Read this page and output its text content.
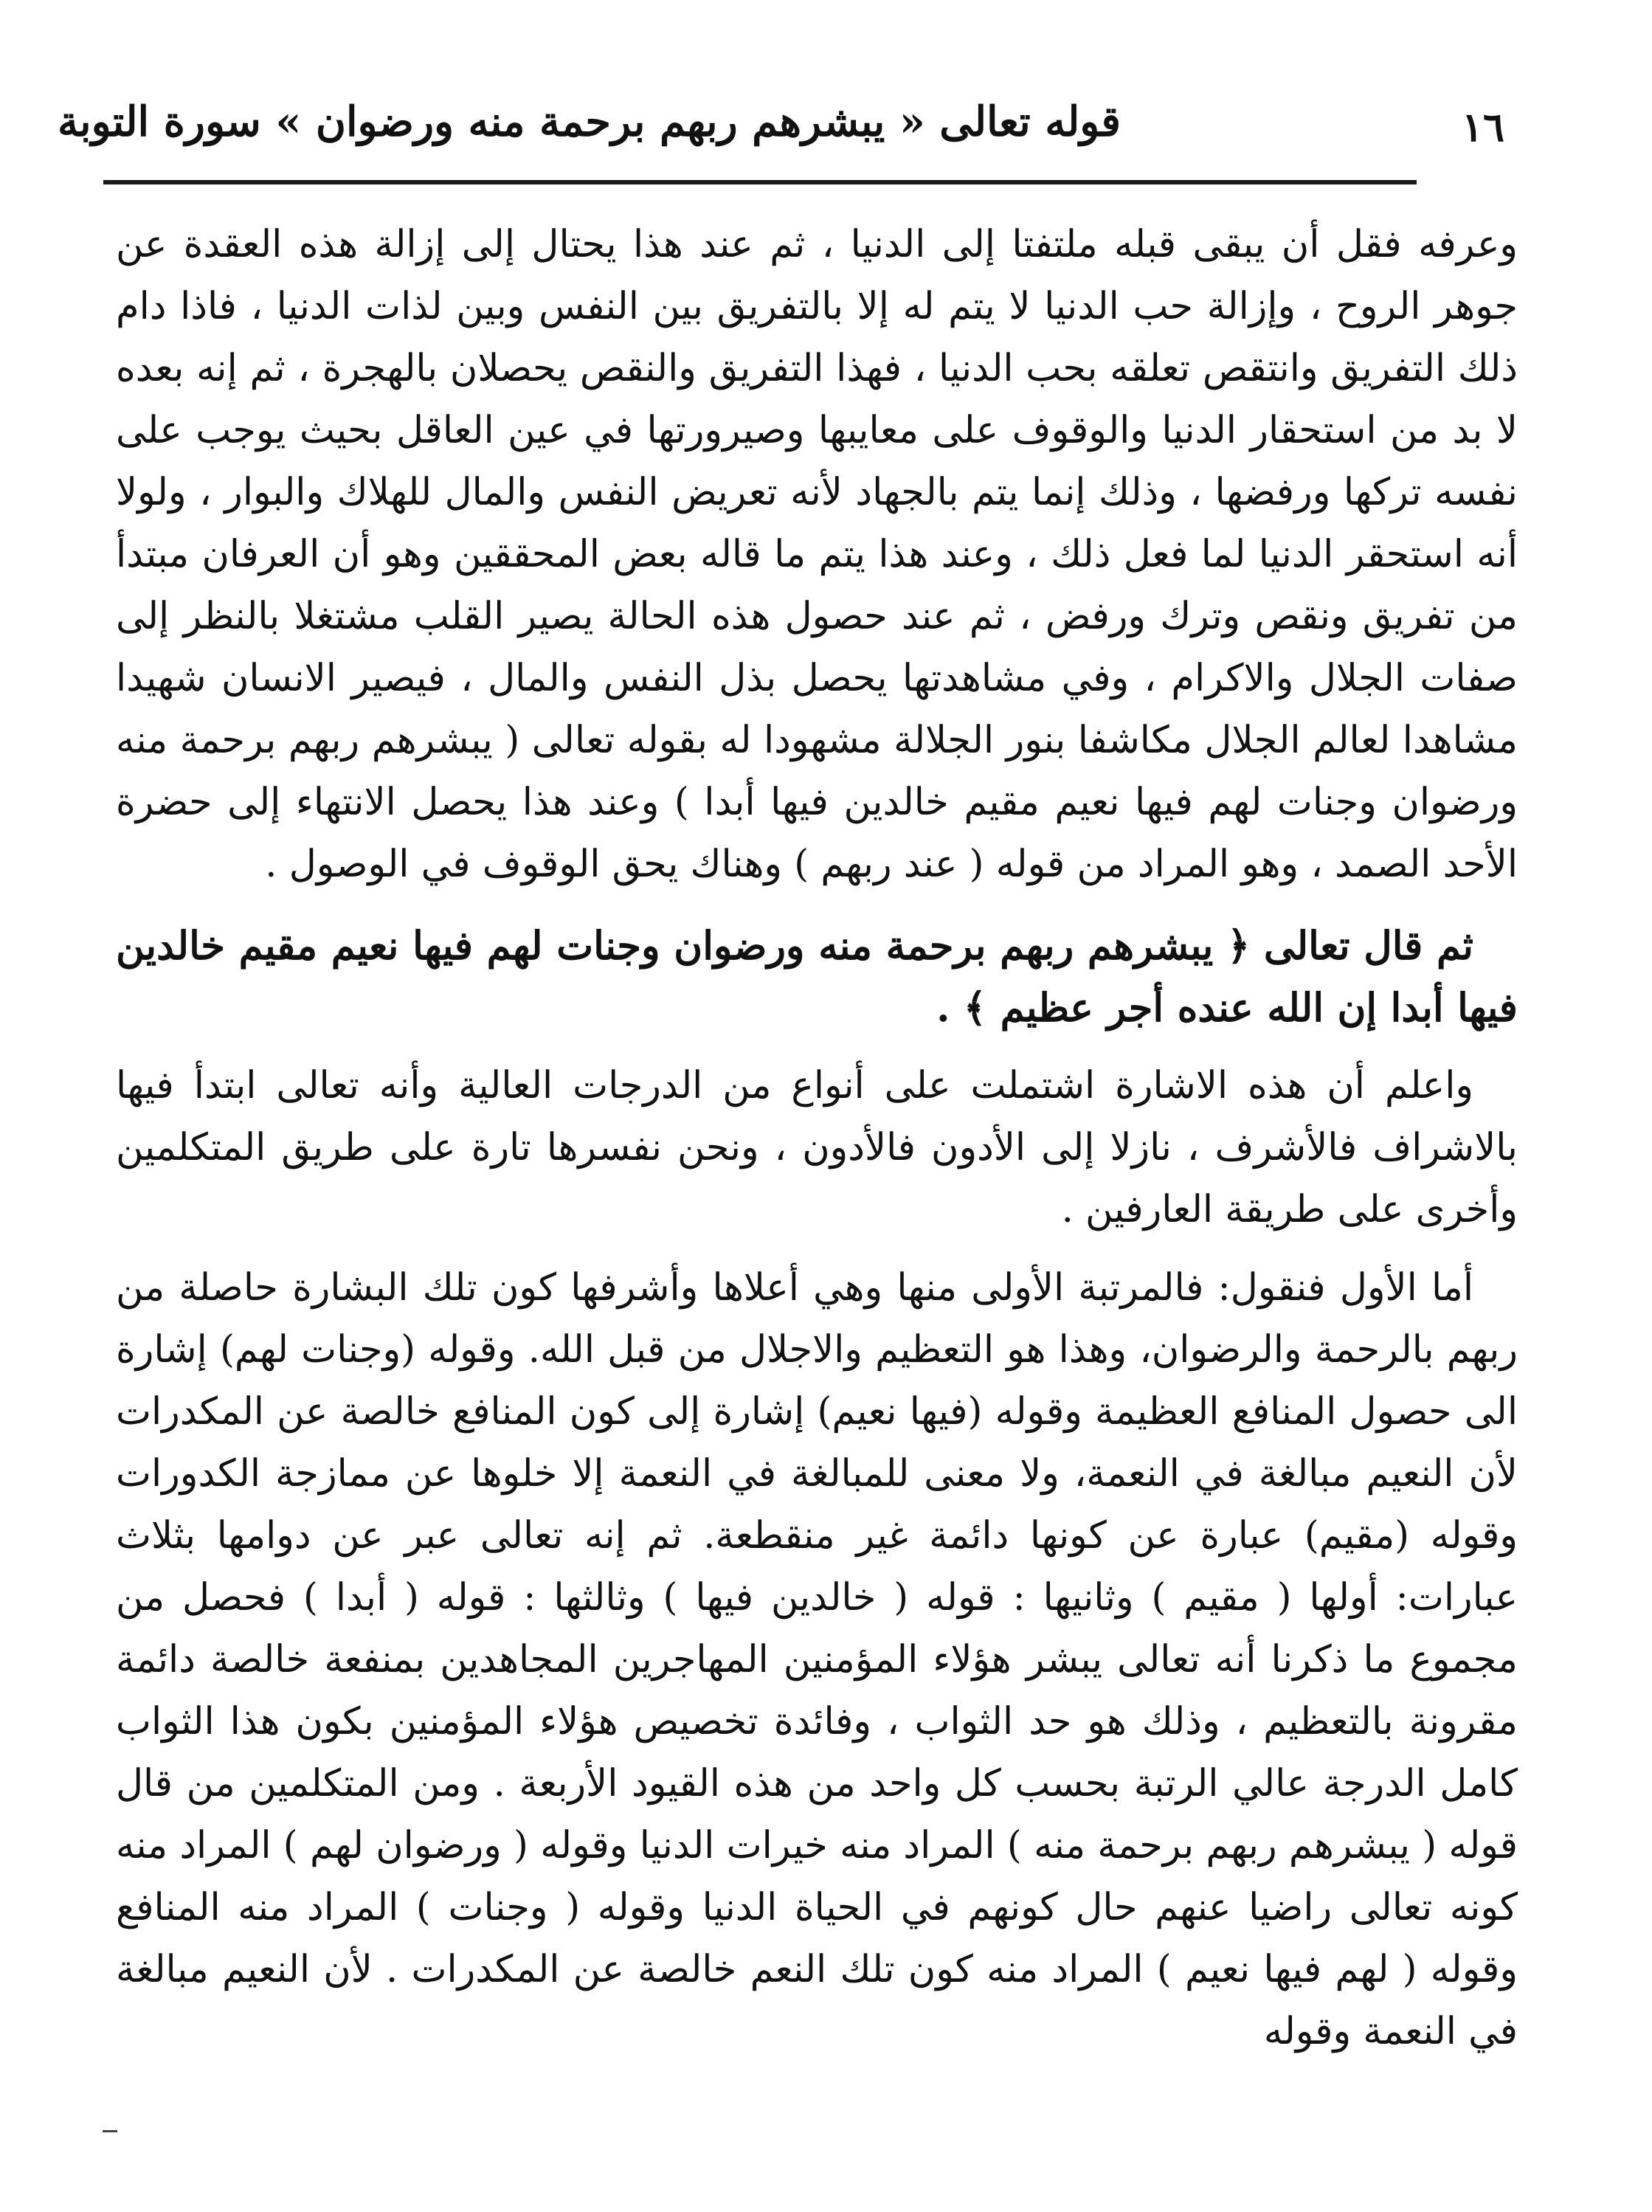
١٦
قوله تعالى « يبشرهم ربهم برحمة منه ورضوان » سورة التوبة

وعرفه فقل أن يبقى قبله ملتفتا إلى الدنيا ، ثم عند هذا يحتال إلى إزالة هذه العقدة عن جوهر الروح ، وإزالة حب الدنيا لا يتم له إلا بالتفريق بين النفس وبين لذات الدنيا ، فاذا دام ذلك التفريق وانتقص تعلقه بحب الدنيا ، فهذا التفريق والنقص يحصلان بالهجرة ، ثم إنه بعده لا بد من استحقار الدنيا والوقوف على معايبها وصيرورتها في عين العاقل بحيث يوجب على نفسه تركها ورفضها ، وذلك إنما يتم بالجهاد لأنه تعريض النفس والمال للهلاك والبوار ، ولولا أنه استحقر الدنيا لما فعل ذلك ، وعند هذا يتم ما قاله بعض المحققين وهو أن العرفان مبتدأ من تفريق ونقص وترك ورفض ، ثم عند حصول هذه الحالة يصير القلب مشتغلا بالنظر إلى صفات الجلال والاكرام ، وفي مشاهدتها يحصل بذل النفس والمال ، فيصير الانسان شهيدا مشاهدا لعالم الجلال مكاشفا بنور الجلالة مشهودا له بقوله تعالى ( يبشرهم ربهم برحمة منه ورضوان وجنات لهم فيها نعيم مقيم خالدين فيها أبدا ) وعند هذا يحصل الانتهاء إلى حضرة الأحد الصمد ، وهو المراد من قوله ( عند ربهم ) وهناك يحق الوقوف في الوصول .

ثم قال تعالى ﴿ يبشرهم ربهم برحمة منه ورضوان وجنات لهم فيها نعيم مقيم خالدين فيها أبدا إن الله عنده أجر عظيم ﴾ .

واعلم أن هذه الاشارة اشتملت على أنواع من الدرجات العالية وأنه تعالى ابتدأ فيها بالاشراف فالأشرف ، نازلا إلى الأدون فالأدون ، ونحن نفسرها تارة على طريق المتكلمين وأخرى على طريقة العارفين .

أما الأول فنقول: فالمرتبة الأولى منها وهي أعلاها وأشرفها كون تلك البشارة حاصلة من ربهم بالرحمة والرضوان، وهذا هو التعظيم والاجلال من قبل الله. وقوله (وجنات لهم) إشارة الى حصول المنافع العظيمة وقوله (فيها نعيم) إشارة إلى كون المنافع خالصة عن المكدرات لأن النعيم مبالغة في النعمة، ولا معنى للمبالغة في النعمة إلا خلوها عن ممازجة الكدورات وقوله (مقيم) عبارة عن كونها دائمة غير منقطعة. ثم إنه تعالى عبر عن دوامها بثلاث عبارات: أولها ( مقيم ) وثانيها : قوله ( خالدين فيها ) وثالثها : قوله ( أبدا ) فحصل من مجموع ما ذكرنا أنه تعالى يبشر هؤلاء المؤمنين المهاجرين المجاهدين بمنفعة خالصة دائمة مقرونة بالتعظيم ، وذلك هو حد الثواب ، وفائدة تخصيص هؤلاء المؤمنين بكون هذا الثواب كامل الدرجة عالي الرتبة بحسب كل واحد من هذه القيود الأربعة . ومن المتكلمين من قال قوله ( يبشرهم ربهم برحمة منه ) المراد منه خيرات الدنيا وقوله ( ورضوان لهم ) المراد منه كونه تعالى راضيا عنهم حال كونهم في الحياة الدنيا وقوله ( وجنات ) المراد منه المنافع وقوله ( لهم فيها نعيم ) المراد منه كون تلك النعم خالصة عن المكدرات . لأن النعيم مبالغة في النعمة وقوله
